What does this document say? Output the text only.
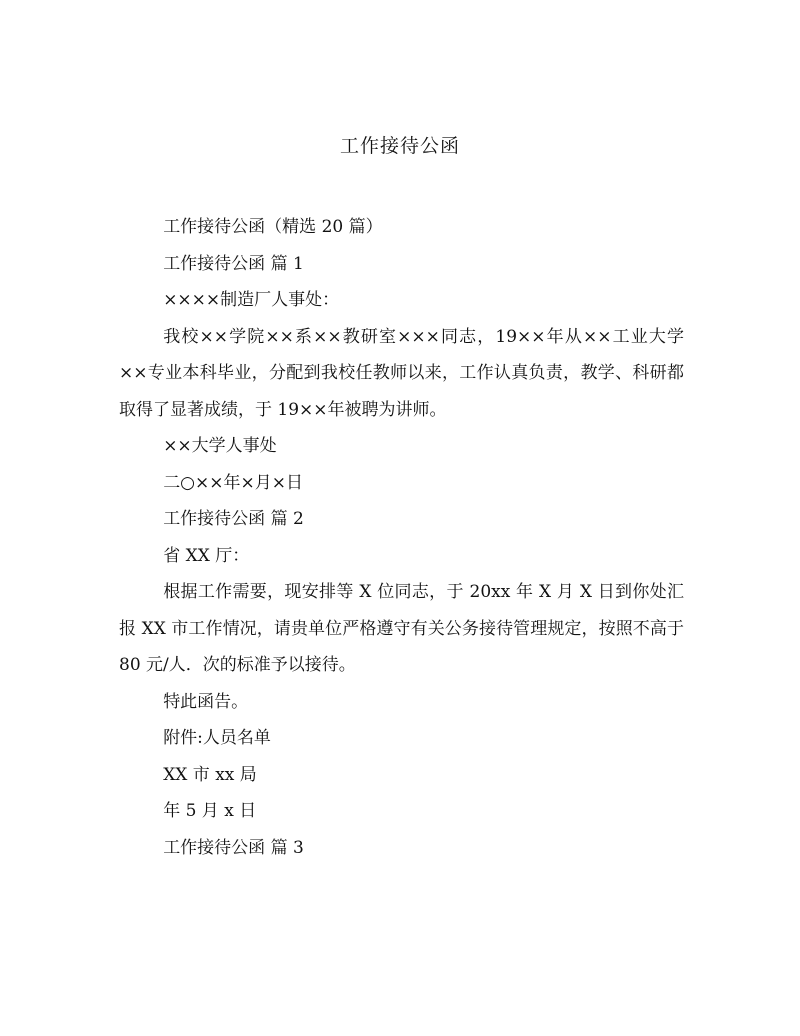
工作接待公函

工作接待公函（精选 20 篇）

工作接待公函 篇 1

××××制造厂人事处：

我校××学院××系××教研室×××同志，19××年从××工业大学××专业本科毕业，分配到我校任教师以来，工作认真负责，教学、科研都取得了显著成绩，于 19××年被聘为讲师。

××大学人事处

二○××年×月×日

工作接待公函 篇 2

省 XX 厅：

根据工作需要，现安排等 X 位同志，于 20xx 年 X 月 X 日到你处汇报 XX 市工作情况，请贵单位严格遵守有关公务接待管理规定，按照不高于 80 元/人．次的标准予以接待。

特此函告。

附件:人员名单

XX 市 xx 局

年 5 月 x 日

工作接待公函 篇 3
